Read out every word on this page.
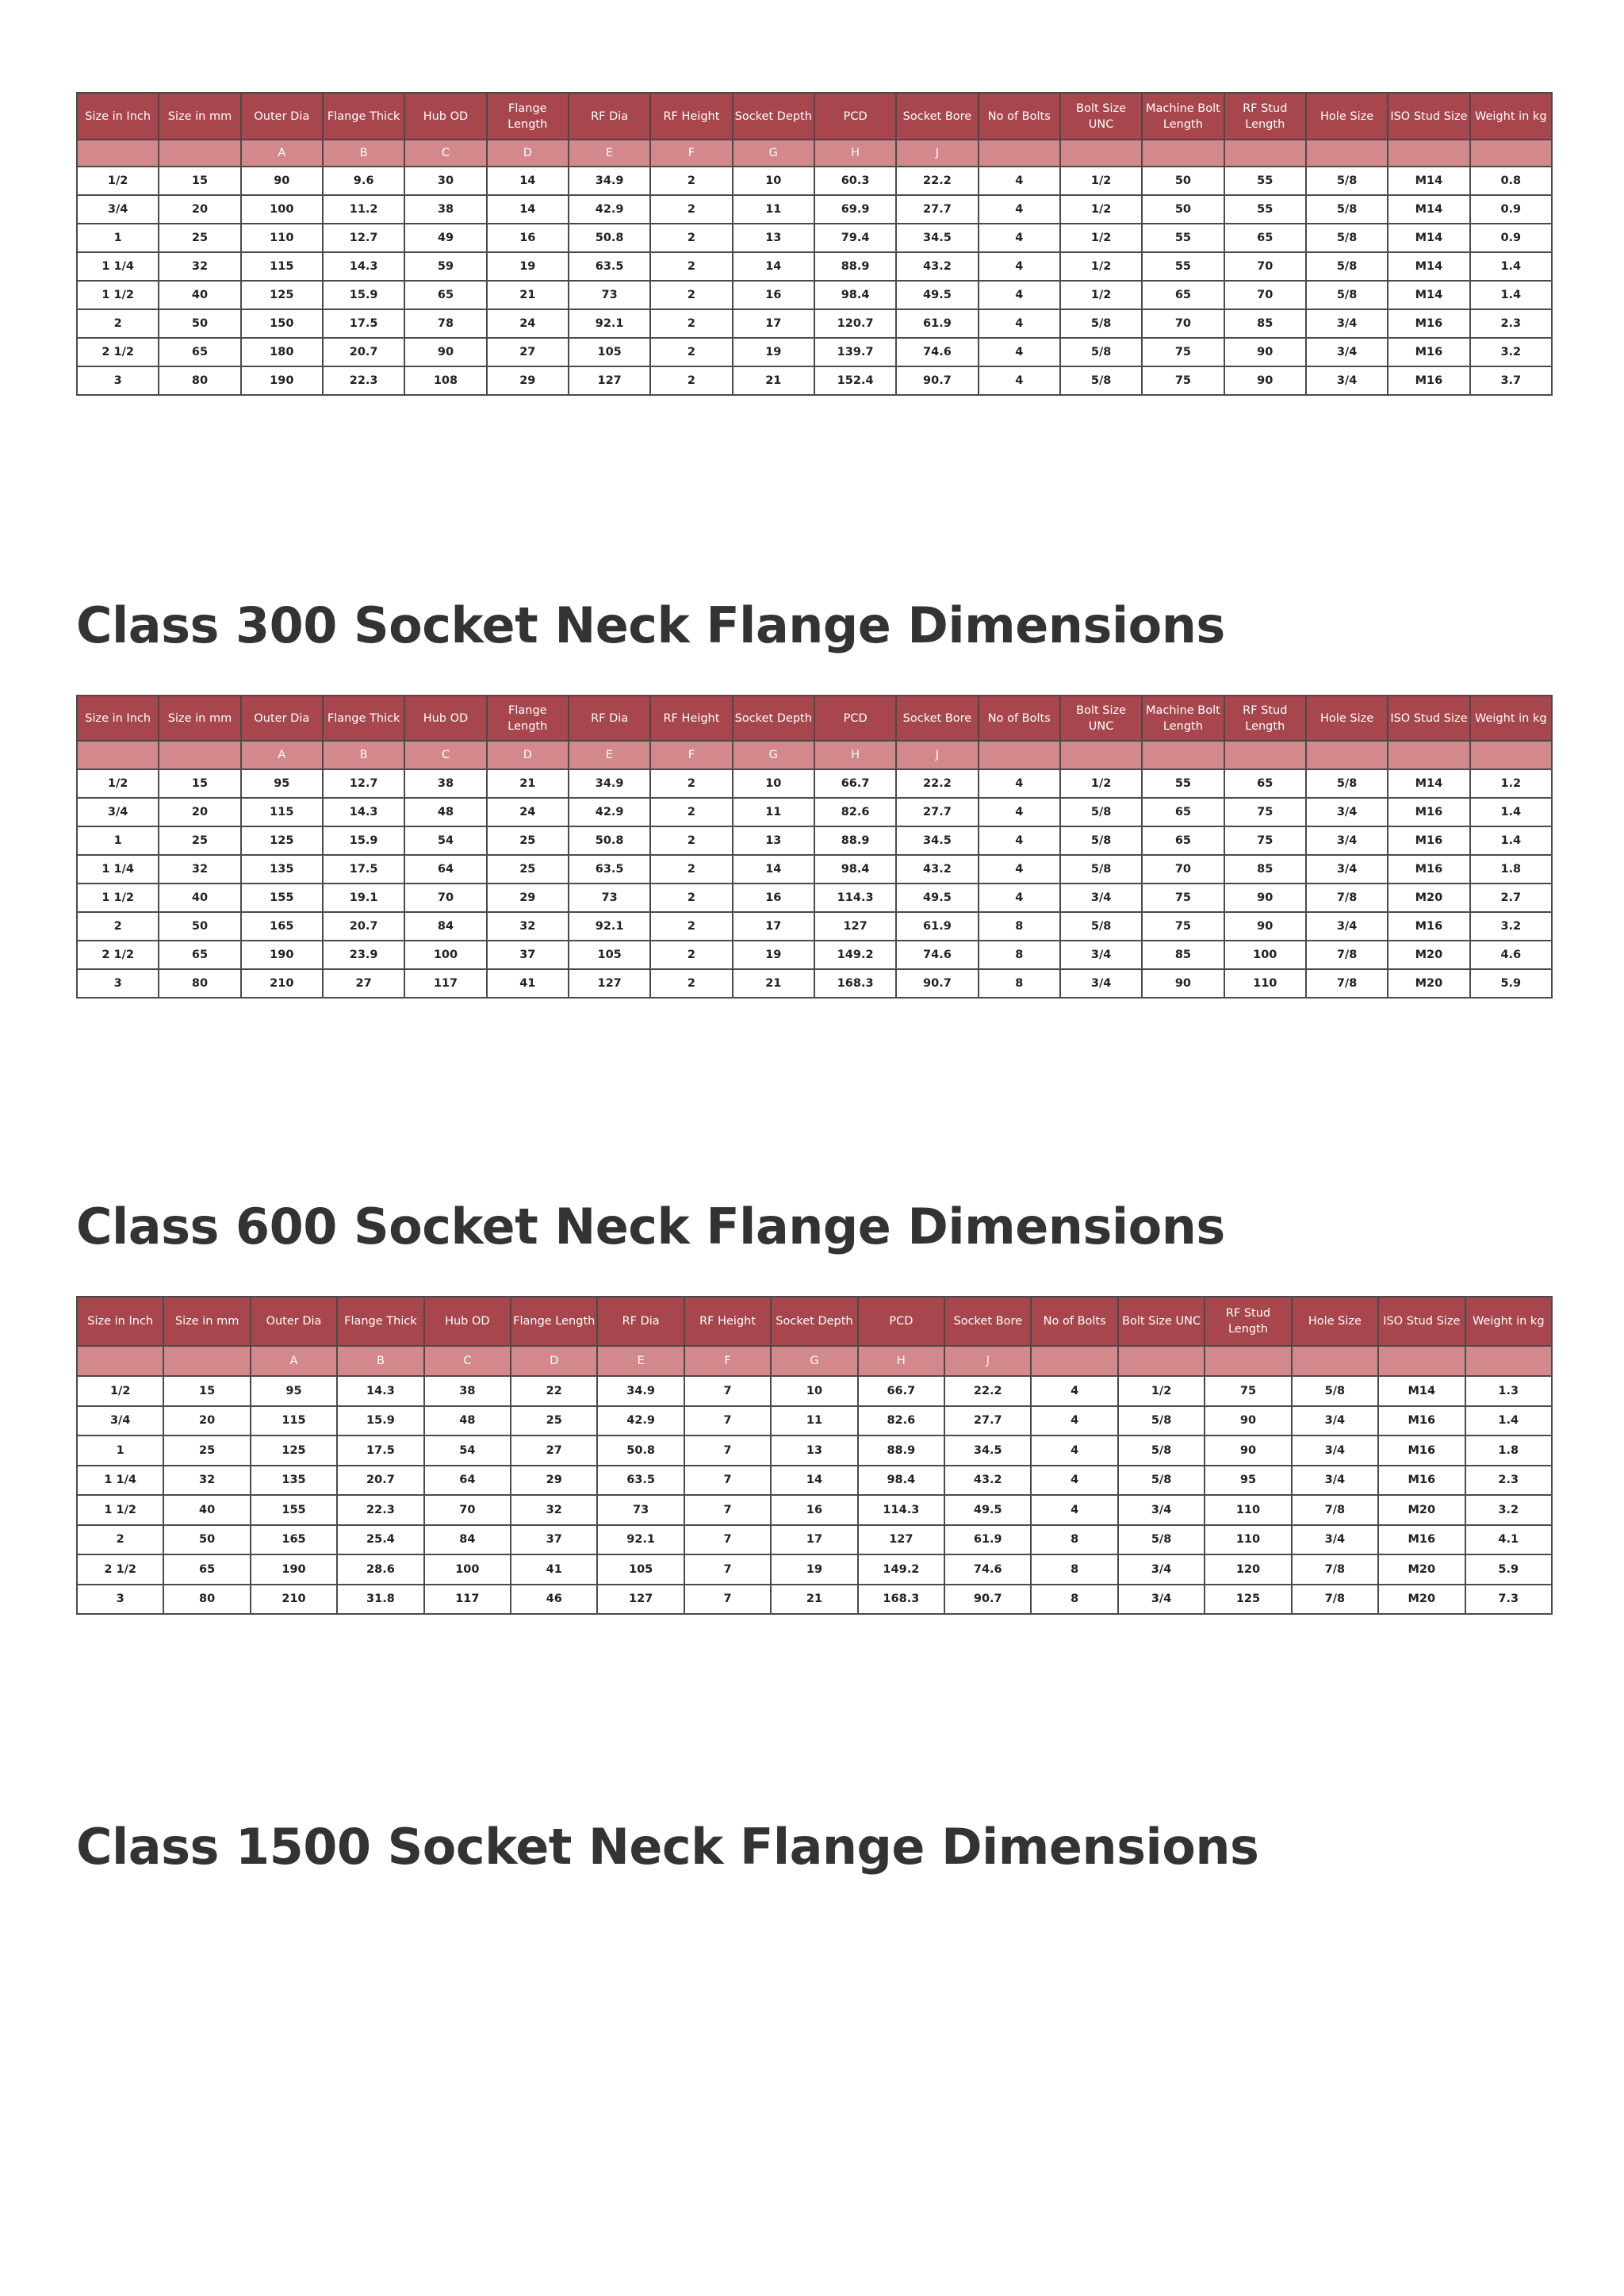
Size in Inch	Size in mm	Outer Dia	Flange Thick	Hub OD	Flange Length	RF Dia	RF Height	Socket Depth	PCD	Socket Bore	No of Bolts	Bolt Size UNC	Machine Bolt Length	RF Stud Length	Hole Size	ISO Stud Size	Weight in kg
		A	B	C	D	E	F	G	H	J							
1/2	15	90	9.6	30	14	34.9	2	10	60.3	22.2	4	1/2	50	55	5/8	M14	0.8
3/4	20	100	11.2	38	14	42.9	2	11	69.9	27.7	4	1/2	50	55	5/8	M14	0.9
1	25	110	12.7	49	16	50.8	2	13	79.4	34.5	4	1/2	55	65	5/8	M14	0.9
1 1/4	32	115	14.3	59	19	63.5	2	14	88.9	43.2	4	1/2	55	70	5/8	M14	1.4
1 1/2	40	125	15.9	65	21	73	2	16	98.4	49.5	4	1/2	65	70	5/8	M14	1.4
2	50	150	17.5	78	24	92.1	2	17	120.7	61.9	4	5/8	70	85	3/4	M16	2.3
2 1/2	65	180	20.7	90	27	105	2	19	139.7	74.6	4	5/8	75	90	3/4	M16	3.2
3	80	190	22.3	108	29	127	2	21	152.4	90.7	4	5/8	75	90	3/4	M16	3.7
Class 300 Socket Neck Flange Dimensions
Size in Inch	Size in mm	Outer Dia	Flange Thick	Hub OD	Flange Length	RF Dia	RF Height	Socket Depth	PCD	Socket Bore	No of Bolts	Bolt Size UNC	Machine Bolt Length	RF Stud Length	Hole Size	ISO Stud Size	Weight in kg
		A	B	C	D	E	F	G	H	J							
1/2	15	95	12.7	38	21	34.9	2	10	66.7	22.2	4	1/2	55	65	5/8	M14	1.2
3/4	20	115	14.3	48	24	42.9	2	11	82.6	27.7	4	5/8	65	75	3/4	M16	1.4
1	25	125	15.9	54	25	50.8	2	13	88.9	34.5	4	5/8	65	75	3/4	M16	1.4
1 1/4	32	135	17.5	64	25	63.5	2	14	98.4	43.2	4	5/8	70	85	3/4	M16	1.8
1 1/2	40	155	19.1	70	29	73	2	16	114.3	49.5	4	3/4	75	90	7/8	M20	2.7
2	50	165	20.7	84	32	92.1	2	17	127	61.9	8	5/8	75	90	3/4	M16	3.2
2 1/2	65	190	23.9	100	37	105	2	19	149.2	74.6	8	3/4	85	100	7/8	M20	4.6
3	80	210	27	117	41	127	2	21	168.3	90.7	8	3/4	90	110	7/8	M20	5.9
Class 600 Socket Neck Flange Dimensions
Size in Inch	Size in mm	Outer Dia	Flange Thick	Hub OD	Flange Length	RF Dia	RF Height	Socket Depth	PCD	Socket Bore	No of Bolts	Bolt Size UNC	RF Stud Length	Hole Size	ISO Stud Size	Weight in kg
		A	B	C	D	E	F	G	H	J						
1/2	15	95	14.3	38	22	34.9	7	10	66.7	22.2	4	1/2	75	5/8	M14	1.3
3/4	20	115	15.9	48	25	42.9	7	11	82.6	27.7	4	5/8	90	3/4	M16	1.4
1	25	125	17.5	54	27	50.8	7	13	88.9	34.5	4	5/8	90	3/4	M16	1.8
1 1/4	32	135	20.7	64	29	63.5	7	14	98.4	43.2	4	5/8	95	3/4	M16	2.3
1 1/2	40	155	22.3	70	32	73	7	16	114.3	49.5	4	3/4	110	7/8	M20	3.2
2	50	165	25.4	84	37	92.1	7	17	127	61.9	8	5/8	110	3/4	M16	4.1
2 1/2	65	190	28.6	100	41	105	7	19	149.2	74.6	8	3/4	120	7/8	M20	5.9
3	80	210	31.8	117	46	127	7	21	168.3	90.7	8	3/4	125	7/8	M20	7.3
Class 1500 Socket Neck Flange Dimensions
